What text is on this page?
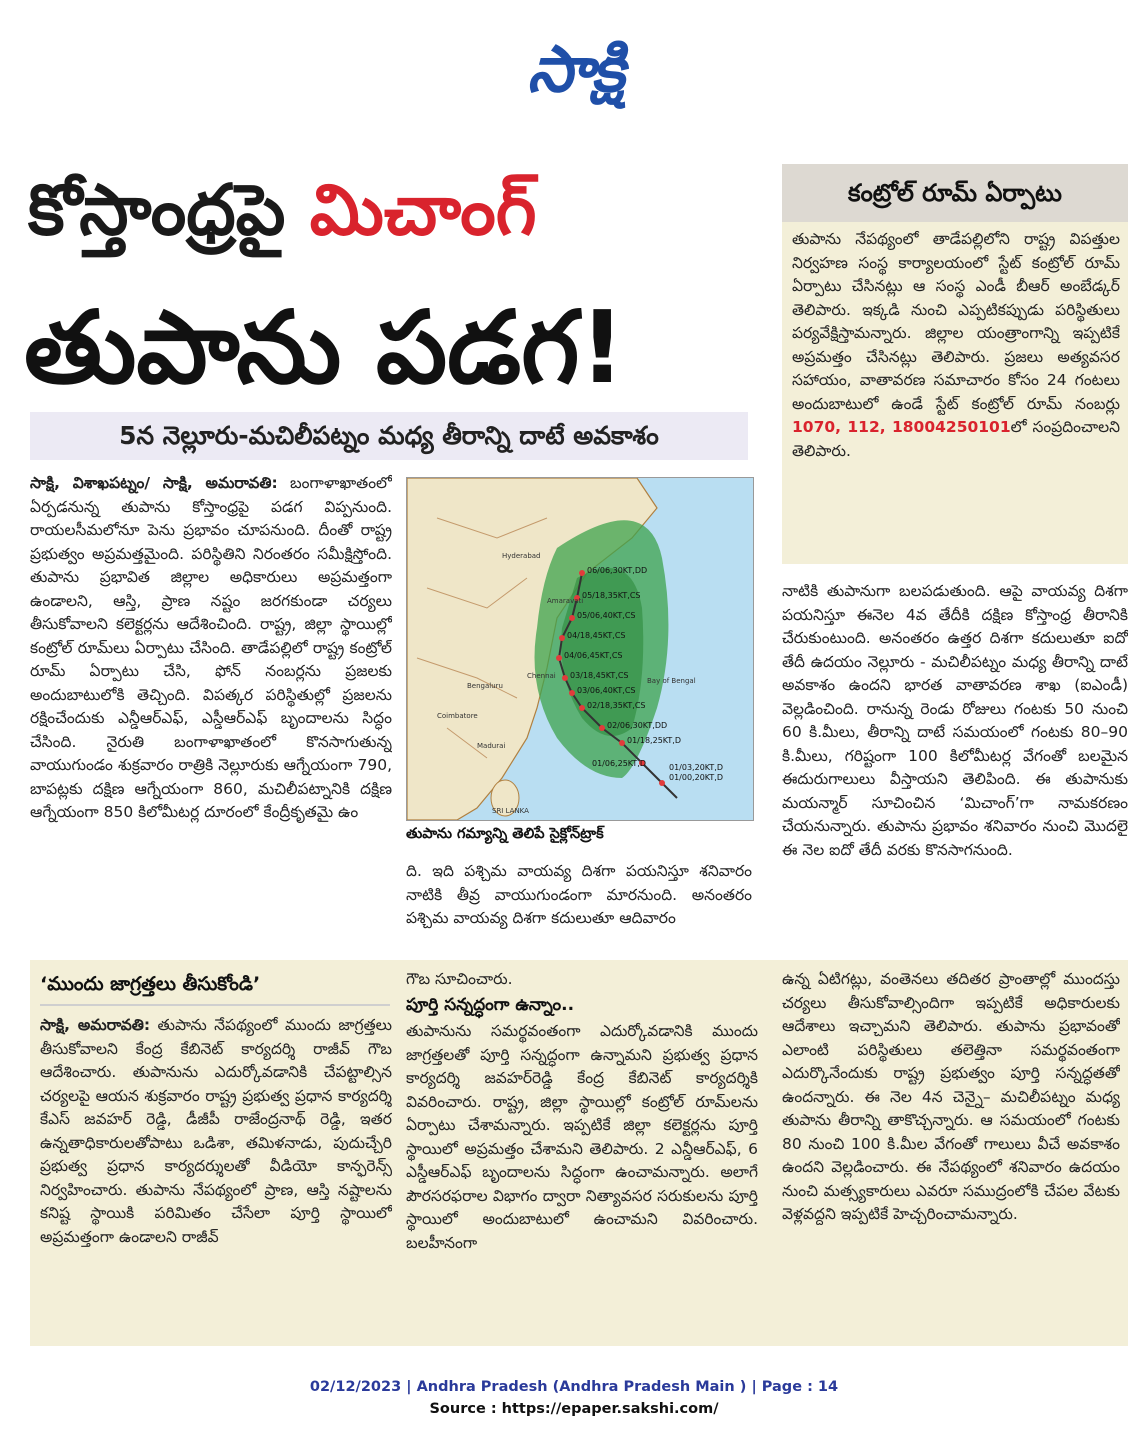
సాక్షి
కోస్తాంధ్రపై మిచాంగ్
తుపాను పడగ!
5న నెల్లూరు-మచిలీపట్నం మధ్య తీరాన్ని దాటే అవకాశం
కంట్రోల్ రూమ్ ఏర్పాటు
తుపాను నేపథ్యంలో తాడేపల్లిలోని రాష్ట్ర విపత్తుల నిర్వహణ సంస్థ కార్యాలయంలో స్టేట్ కంట్రోల్ రూమ్ ఏర్పాటు చేసినట్లు ఆ సంస్థ ఎండీ బీఆర్ అంబేడ్కర్ తెలిపారు. ఇక్కడి నుంచి ఎప్పటికప్పుడు పరిస్థితులు పర్యవేక్షిస్తామన్నారు. జిల్లాల యంత్రాంగాన్ని ఇప్పటికే అప్రమత్తం చేసినట్లు తెలిపారు. ప్రజలు అత్యవసర సహాయం, వాతావరణ సమాచారం కోసం 24 గంటలు అందుబాటులో ఉండే స్టేట్ కంట్రోల్ రూమ్ నంబర్లు 1070, 112, 18004250101లో సంప్రదించాలని తెలిపారు.
సాక్షి, విశాఖపట్నం/ సాక్షి, అమరావతి: బంగాళాఖాతంలో ఏర్పడనున్న తుపాను కోస్తాంధ్రపై పడగ విప్పనుంది. రాయలసీమలోనూ పెను ప్రభావం చూపనుంది. దీంతో రాష్ట్ర ప్రభుత్వం అప్రమత్తమైంది. పరిస్థితిని నిరంతరం సమీక్షిస్తోంది. తుపాను ప్రభావిత జిల్లాల అధికారులు అప్రమత్తంగా ఉండాలని, ఆస్తి, ప్రాణ నష్టం జరగకుండా చర్యలు తీసుకోవాలని కలెక్టర్లను ఆదేశించింది. రాష్ట్ర, జిల్లా స్థాయిల్లో కంట్రోల్ రూమ్‌లు ఏర్పాటు చేసింది. తాడేపల్లిలో రాష్ట్ర కంట్రోల్ రూమ్ ఏర్పాటు చేసి, ఫోన్ నంబర్లను ప్రజలకు అందుబాటులోకి తెచ్చింది. విపత్కర పరిస్థితుల్లో ప్రజలను రక్షించేందుకు ఎన్డీఆర్ఎఫ్, ఎస్డీఆర్ఎఫ్ బృందాలను సిద్ధం చేసింది. నైరుతి బంగాళాఖాతంలో కొనసాగుతున్న వాయుగుండం శుక్రవారం రాత్రికి నెల్లూరుకు ఆగ్నేయంగా 790, బాపట్లకు దక్షిణ ఆగ్నేయంగా 860, మచిలీపట్నానికి దక్షిణ ఆగ్నేయంగా 850 కిలోమీటర్ల దూరంలో కేంద్రీకృతమై ఉం
06/06,30KT,DD
05/18,35KT,CS
05/06,40KT,CS
04/18,45KT,CS
04/06,45KT,CS
03/18,45KT,CS
03/06,40KT,CS
02/18,35KT,CS
02/06,30KT,DD
01/18,25KT,D
01/06,25KT,D	01/03,20KT,D
01/00,20KT,D
Hyderabad
Amaravati
Chennai
Bay of Bengal
SRI LANKA
Bengaluru
Madurai
Coimbatore
తుపాను గమ్యాన్ని తెలిపే సైక్లోన్‌ట్రాక్
ది. ఇది పశ్చిమ వాయవ్య దిశగా పయనిస్తూ శనివారం నాటికి తీవ్ర వాయుగుండంగా మారనుంది. అనంతరం పశ్చిమ వాయవ్య దిశగా కదులుతూ ఆదివారం
నాటికి తుపానుగా బలపడుతుంది. ఆపై వాయవ్య దిశగా పయనిస్తూ ఈనెల 4వ తేదీకి దక్షిణ కోస్తాంధ్ర తీరానికి చేరుకుంటుంది. అనంతరం ఉత్తర దిశగా కదులుతూ ఐదో తేదీ ఉదయం నెల్లూరు - మచిలీపట్నం మధ్య తీరాన్ని దాటే అవకాశం ఉందని భారత వాతావరణ శాఖ (ఐఎండీ) వెల్లడించింది. రానున్న రెండు రోజులు గంటకు 50 నుంచి 60 కి.మీలు, తీరాన్ని దాటే సమయంలో గంటకు 80–90 కి.మీలు, గరిష్టంగా 100 కిలోమీటర్ల వేగంతో బలమైన ఈదురుగాలులు వీస్తాయని తెలిపింది. ఈ తుపానుకు మయన్మార్ సూచించిన ‘మిచాంగ్’గా నామకరణం చేయనున్నారు. తుపాను ప్రభావం శనివారం నుంచి మొదలై ఈ నెల ఐదో తేదీ వరకు కొనసాగనుంది.
‘ముందు జాగ్రత్తలు తీసుకోండి’
సాక్షి, అమరావతి: తుపాను నేపథ్యంలో ముందు జాగ్రత్తలు తీసుకోవాలని కేంద్ర కేబినెట్ కార్యదర్శి రాజీవ్ గౌబ ఆదేశించారు. తుపానును ఎదుర్కోవడానికి చేపట్టాల్సిన చర్యలపై ఆయన శుక్రవారం రాష్ట్ర ప్రభుత్వ ప్రధాన కార్యదర్శి కేఎస్ జవహర్ రెడ్డి, డీజీపీ రాజేంద్రనాథ్ రెడ్డి, ఇతర ఉన్నతాధికారులతోపాటు ఒడిశా, తమిళనాడు, పుదుచ్చేరి ప్రభుత్వ ప్రధాన కార్యదర్శులతో వీడియో కాన్ఫరెన్స్ నిర్వహించారు. తుపాను నేపథ్యంలో ప్రాణ, ఆస్తి నష్టాలను కనిష్ట స్థాయికి పరిమితం చేసేలా పూర్తి స్థాయిలో అప్రమత్తంగా ఉండాలని రాజీవ్
గౌబ సూచించారు.
పూర్తి సన్నద్ధంగా ఉన్నాం..
తుపానును సమర్థవంతంగా ఎదుర్కోవడానికి ముందు జాగ్రత్తలతో పూర్తి సన్నద్ధంగా ఉన్నామని ప్రభుత్వ ప్రధాన కార్యదర్శి జవహర్‌రెడ్డి కేంద్ర కేబినెట్ కార్యదర్శికి వివరించారు. రాష్ట్ర, జిల్లా స్థాయిల్లో కంట్రోల్ రూమ్‌లను ఏర్పాటు చేశామన్నారు. ఇప్పటికే జిల్లా కలెక్టర్లను పూర్తి స్థాయిలో అప్రమత్తం చేశామని తెలిపారు. 2 ఎన్డీఆర్ఎఫ్, 6 ఎస్డీఆర్ఎఫ్ బృందాలను సిద్ధంగా ఉంచామన్నారు. అలాగే పౌరసరఫరాల విభాగం ద్వారా నిత్యావసర సరుకులను పూర్తి స్థాయిలో అందుబాటులో ఉంచామని వివరించారు. బలహీనంగా
ఉన్న ఏటిగట్లు, వంతెనలు తదితర ప్రాంతాల్లో ముందస్తు చర్యలు తీసుకోవాల్సిందిగా ఇప్పటికే అధికారులకు ఆదేశాలు ఇచ్చామని తెలిపారు. తుపాను ప్రభావంతో ఎలాంటి పరిస్థితులు తలెత్తినా సమర్థవంతంగా ఎదుర్కొనేందుకు రాష్ట్ర ప్రభుత్వం పూర్తి సన్నద్ధతతో ఉందన్నారు. ఈ నెల 4న చెన్నై– మచిలీపట్నం మధ్య తుపాను తీరాన్ని తాకొచ్చన్నారు. ఆ సమయంలో గంటకు 80 నుంచి 100 కి.మీల వేగంతో గాలులు వీచే అవకాశం ఉందని వెల్లడించారు. ఈ నేపథ్యంలో శనివారం ఉదయం నుంచి మత్స్యకారులు ఎవరూ సముద్రంలోకి చేపల వేటకు వెళ్లవద్దని ఇప్పటికే హెచ్చరించామన్నారు.
02/12/2023 | Andhra Pradesh (Andhra Pradesh Main ) | Page : 14
Source : https://epaper.sakshi.com/
